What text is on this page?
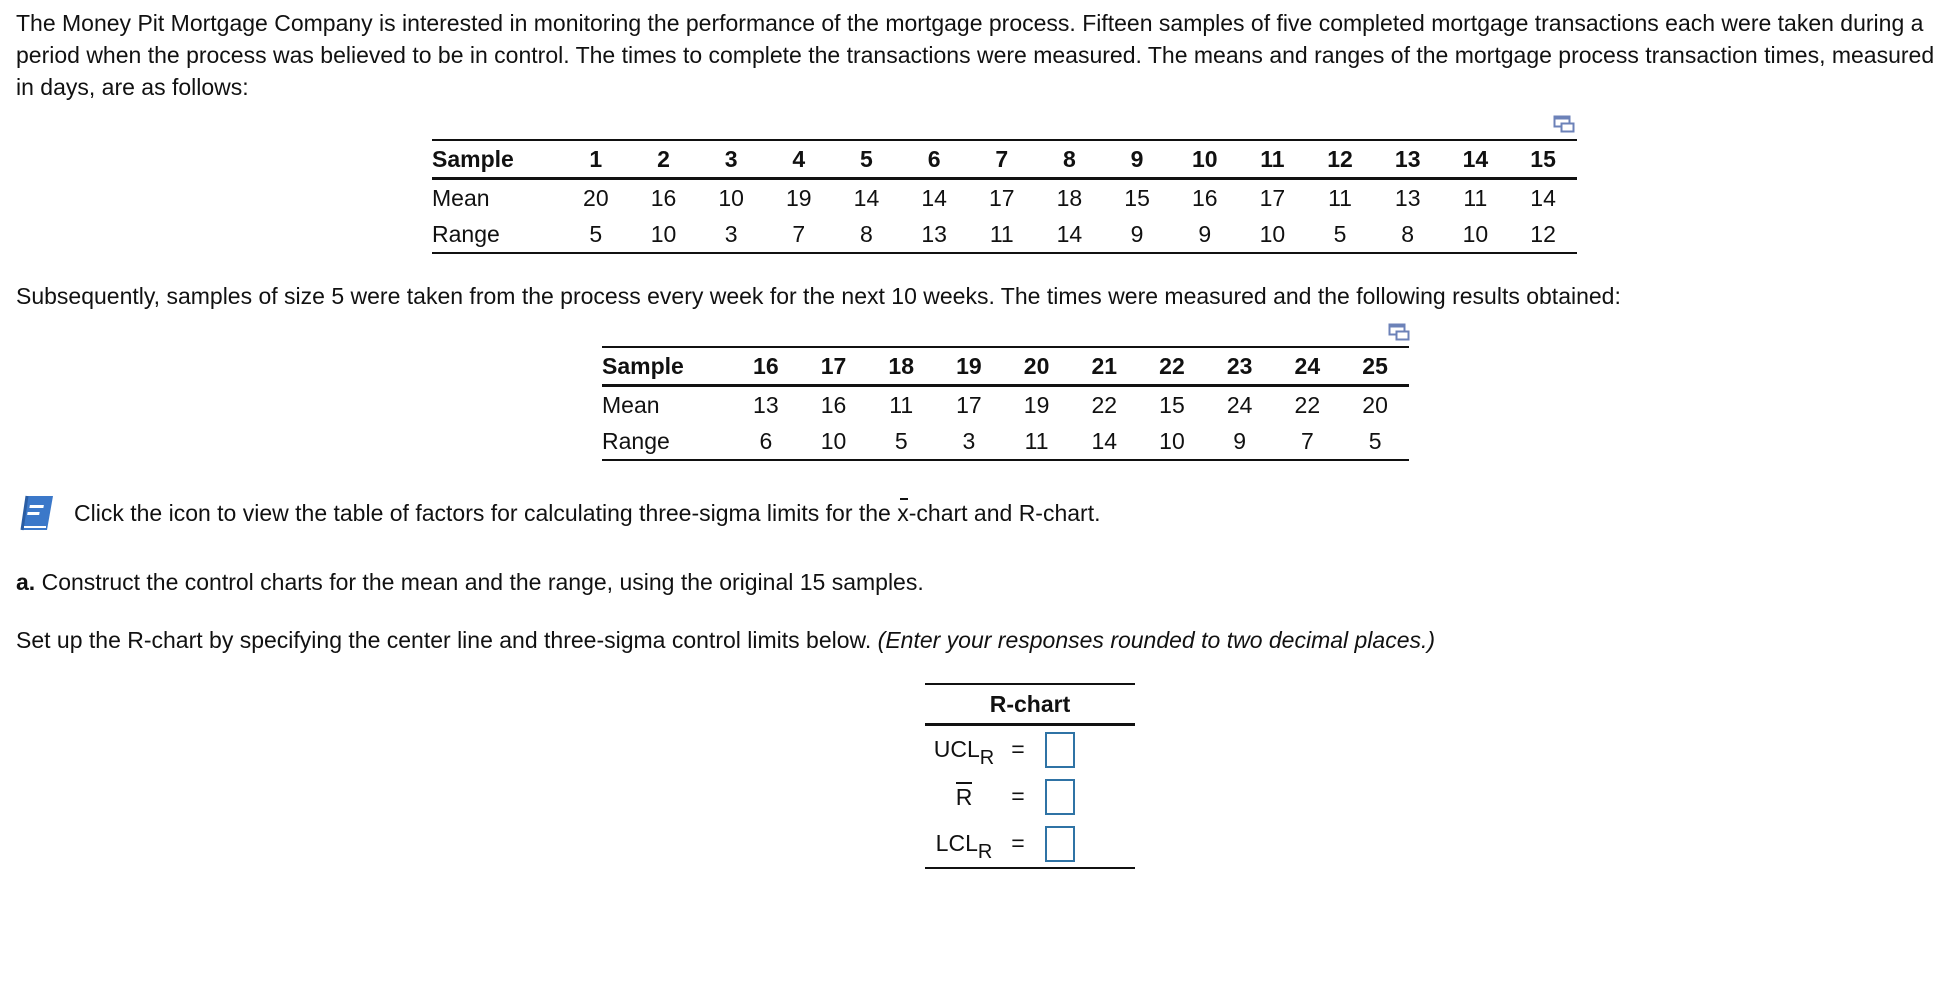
The Money Pit Mortgage Company is interested in monitoring the performance of the mortgage process. Fifteen samples of five completed mortgage transactions each were taken during a period when the process was believed to be in control. The times to complete the transactions were measured. The means and ranges of the mortgage process transaction times, measured in days, are as follows:

Sample	1	2	3	4	5	6	7	8	9	10	11	12	13	14	15
Mean	20	16	10	19	14	14	17	18	15	16	17	11	13	11	14
Range	5	10	3	7	8	13	11	14	9	9	10	5	8	10	12

Subsequently, samples of size 5 were taken from the process every week for the next 10 weeks. The times were measured and the following results obtained:

Sample	16	17	18	19	20	21	22	23	24	25
Mean	13	16	11	17	19	22	15	24	22	20
Range	6	10	5	3	11	14	10	9	7	5

Click the icon to view the table of factors for calculating three-sigma limits for the x-chart and R-chart.

a. Construct the control charts for the mean and the range, using the original 15 samples.

Set up the R-chart by specifying the center line and three-sigma control limits below. (Enter your responses rounded to two decimal places.)

R-chart		
UCLR	=	
R	=	
LCLR	=	
